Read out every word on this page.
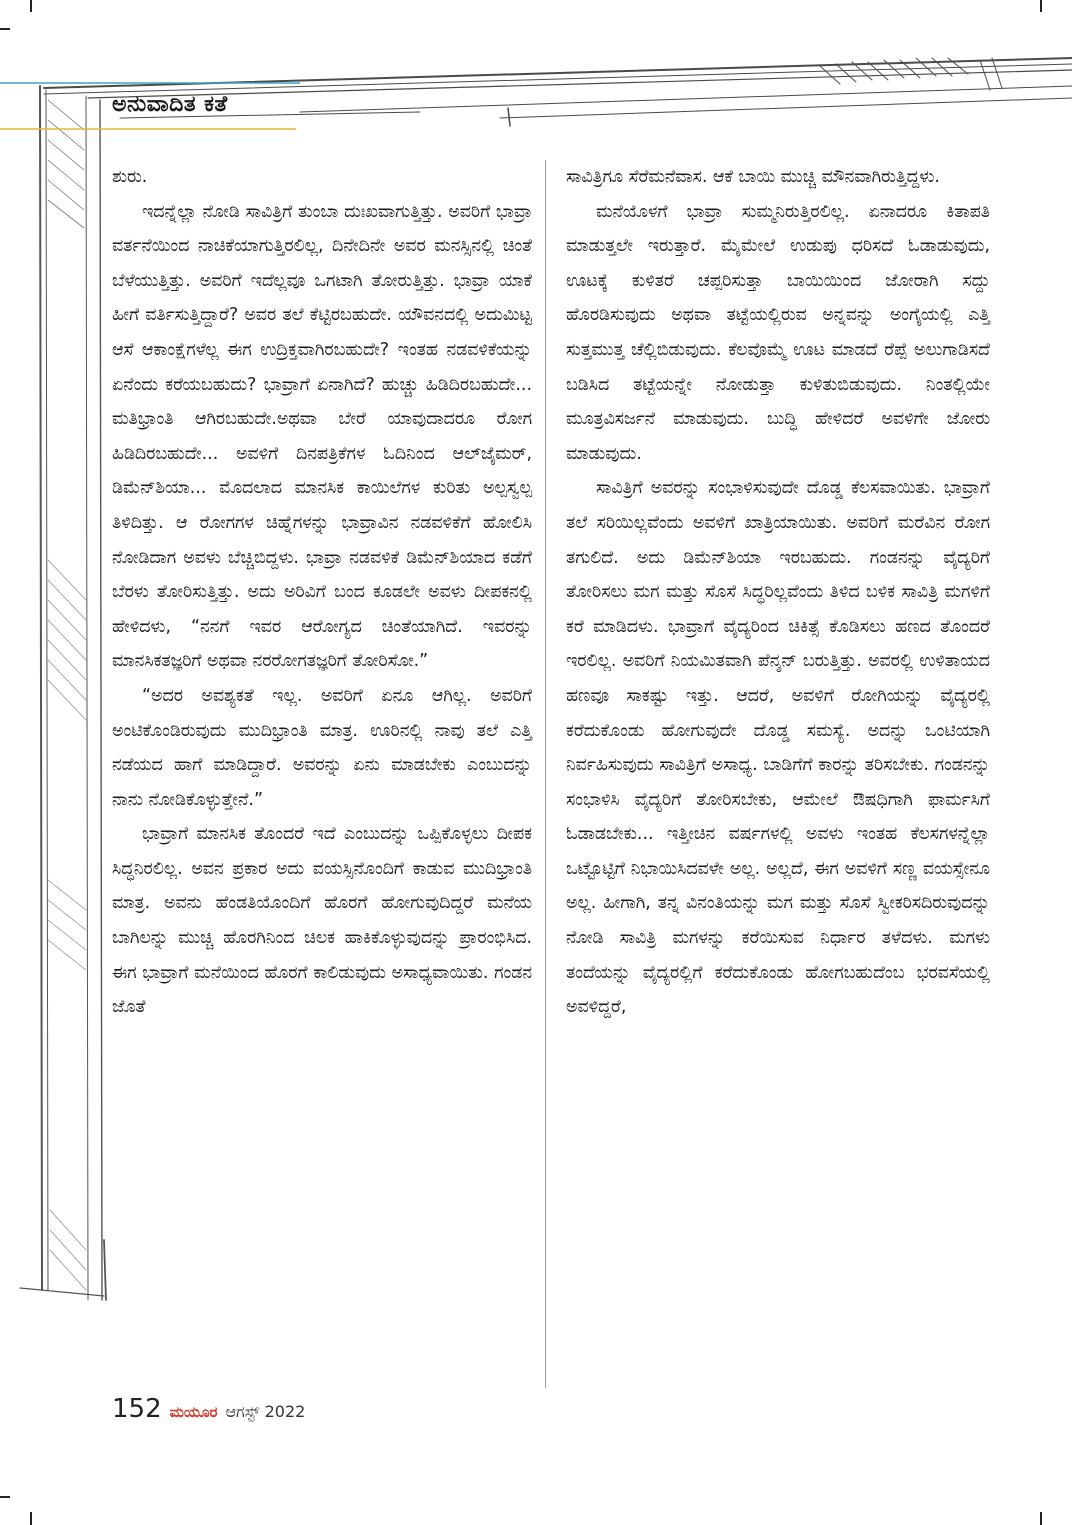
ಅನುವಾದಿತ ಕತೆ

ಶುರು.

ಇದನ್ನೆಲ್ಲಾ ನೋಡಿ ಸಾವಿತ್ರಿಗೆ ತುಂಬಾ ದುಃಖವಾಗುತ್ತಿತ್ತು. ಅವರಿಗೆ ಭಾವ್ರಾ ವರ್ತನೆಯಿಂದ ನಾಚಿಕೆಯಾಗುತ್ತಿರಲಿಲ್ಲ, ದಿನೇದಿನೇ ಅವರ ಮನಸ್ಸಿನಲ್ಲಿ ಚಿಂತೆ ಬೆಳೆಯುತ್ತಿತ್ತು. ಅವರಿಗೆ ಇದೆಲ್ಲವೂ ಒಗಟಾಗಿ ತೋರುತ್ತಿತ್ತು. ಭಾವ್ರಾ ಯಾಕೆ ಹೀಗೆ ವರ್ತಿಸುತ್ತಿದ್ದಾರೆ? ಅವರ ತಲೆ ಕೆಟ್ಟಿರಬಹುದೇ. ಯೌವನದಲ್ಲಿ ಅದುಮಿಟ್ಟ ಆಸೆ ಆಕಾಂಕ್ಷೆಗಳೆಲ್ಲ ಈಗ ಉದ್ರಿಕ್ತವಾಗಿರಬಹುದೇ? ಇಂತಹ ನಡವಳಿಕೆಯನ್ನು ಏನೆಂದು ಕರೆಯಬಹುದು? ಭಾವ್ರಾಗೆ ಏನಾಗಿದೆ? ಹುಚ್ಚು ಹಿಡಿದಿರಬಹುದೇ... ಮತಿಭ್ರಾಂತಿ ಆಗಿರಬಹುದೇ.ಅಥವಾ ಬೇರೆ ಯಾವುದಾದರೂ ರೋಗ ಹಿಡಿದಿರಬಹುದೇ... ಅವಳಿಗೆ ದಿನಪತ್ರಿಕೆಗಳ ಓದಿನಿಂದ ಆಲ್‌ಜೈಮರ್, ಡಿಮೆನ್‌ಶಿಯಾ... ಮೊದಲಾದ ಮಾನಸಿಕ ಕಾಯಿಲೆಗಳ ಕುರಿತು ಅಲ್ಪಸ್ವಲ್ಪ ತಿಳಿದಿತ್ತು. ಆ ರೋಗಗಳ ಚಿಹ್ನೆಗಳನ್ನು ಭಾವ್ರಾವಿನ ನಡವಳಿಕೆಗೆ ಹೋಲಿಸಿ ನೋಡಿದಾಗ ಅವಳು ಬೆಚ್ಚಿಬಿದ್ದಳು. ಭಾವ್ರಾ ನಡವಳಿಕೆ ಡಿಮೆನ್‌ಶಿಯಾದ ಕಡೆಗೆ ಬೆರಳು ತೋರಿಸುತ್ತಿತ್ತು. ಅದು ಅರಿವಿಗೆ ಬಂದ ಕೂಡಲೇ ಅವಳು ದೀಪಕನಲ್ಲಿ ಹೇಳಿದಳು, “ನನಗೆ ಇವರ ಆರೋಗ್ಯದ ಚಿಂತೆಯಾಗಿದೆ. ಇವರನ್ನು ಮಾನಸಿಕತಜ್ಞರಿಗೆ ಅಥವಾ ನರರೋಗತಜ್ಞರಿಗೆ ತೋರಿಸೋ.”

“ಅದರ ಅವಶ್ಯಕತೆ ಇಲ್ಲ. ಅವರಿಗೆ ಏನೂ ಆಗಿಲ್ಲ. ಅವರಿಗೆ ಅಂಟಿಕೊಂಡಿರುವುದು ಮುದಿಭ್ರಾಂತಿ ಮಾತ್ರ. ಊರಿನಲ್ಲಿ ನಾವು ತಲೆ ಎತ್ತಿ ನಡೆಯದ ಹಾಗೆ ಮಾಡಿದ್ದಾರೆ. ಅವರನ್ನು ಏನು ಮಾಡಬೇಕು ಎಂಬುದನ್ನು ನಾನು ನೋಡಿಕೊಳ್ಳುತ್ತೇನೆ.”

ಭಾವ್ರಾಗೆ ಮಾನಸಿಕ ತೊಂದರೆ ಇದೆ ಎಂಬುದನ್ನು ಒಪ್ಪಿಕೊಳ್ಳಲು ದೀಪಕ ಸಿದ್ಧನಿರಲಿಲ್ಲ. ಅವನ ಪ್ರಕಾರ ಅದು ವಯಸ್ಸಿನೊಂದಿಗೆ ಕಾಡುವ ಮುದಿಭ್ರಾಂತಿ ಮಾತ್ರ. ಅವನು ಹೆಂಡತಿಯೊಂದಿಗೆ ಹೊರಗೆ ಹೋಗುವುದಿದ್ದರೆ ಮನೆಯ ಬಾಗಿಲನ್ನು ಮುಚ್ಚಿ ಹೊರಗಿನಿಂದ ಚಿಲಕ ಹಾಕಿಕೊಳ್ಳುವುದನ್ನು ಪ್ರಾರಂಭಿಸಿದ. ಈಗ ಭಾವ್ರಾಗೆ ಮನೆಯಿಂದ ಹೊರಗೆ ಕಾಲಿಡುವುದು ಅಸಾಧ್ಯವಾಯಿತು. ಗಂಡನ ಜೊತೆ

ಸಾವಿತ್ರಿಗೂ ಸೆರೆಮನೆವಾಸ. ಆಕೆ ಬಾಯಿ ಮುಚ್ಚಿ ಮೌನವಾಗಿರುತ್ತಿದ್ದಳು.

ಮನೆಯೊಳಗೆ ಭಾವ್ರಾ ಸುಮ್ಮನಿರುತ್ತಿರಲಿಲ್ಲ. ಏನಾದರೂ ಕಿತಾಪತಿ ಮಾಡುತ್ತಲೇ ಇರುತ್ತಾರೆ. ಮೈಮೇಲೆ ಉಡುಪು ಧರಿಸದೆ ಓಡಾಡುವುದು, ಊಟಕ್ಕೆ ಕುಳಿತರೆ ಚಪ್ಪರಿಸುತ್ತಾ ಬಾಯಿಯಿಂದ ಜೋರಾಗಿ ಸದ್ದು ಹೊರಡಿಸುವುದು ಅಥವಾ ತಟ್ಟೆಯಲ್ಲಿರುವ ಅನ್ನವನ್ನು ಅಂಗೈಯಲ್ಲಿ ಎತ್ತಿ ಸುತ್ತಮುತ್ತ ಚೆಲ್ಲಿಬಿಡುವುದು. ಕೆಲವೊಮ್ಮೆ ಊಟ ಮಾಡದೆ ರೆಪ್ಪೆ ಅಲುಗಾಡಿಸದೆ ಬಡಿಸಿದ ತಟ್ಟೆಯನ್ನೇ ನೋಡುತ್ತಾ ಕುಳಿತುಬಿಡುವುದು. ನಿಂತಲ್ಲಿಯೇ ಮೂತ್ರವಿಸರ್ಜನೆ ಮಾಡುವುದು. ಬುದ್ಧಿ ಹೇಳಿದರೆ ಅವಳಿಗೇ ಜೋರು ಮಾಡುವುದು.

ಸಾವಿತ್ರಿಗೆ ಅವರನ್ನು ಸಂಭಾಳಿಸುವುದೇ ದೊಡ್ಡ ಕೆಲಸವಾಯಿತು. ಭಾವ್ರಾಗೆ ತಲೆ ಸರಿಯಿಲ್ಲವೆಂದು ಅವಳಿಗೆ ಖಾತ್ರಿಯಾಯಿತು. ಅವರಿಗೆ ಮರೆವಿನ ರೋಗ ತಗುಲಿದೆ. ಅದು ಡಿಮೆನ್‌ಶಿಯಾ ಇರಬಹುದು. ಗಂಡನನ್ನು ವೈದ್ಯರಿಗೆ ತೋರಿಸಲು ಮಗ ಮತ್ತು ಸೊಸೆ ಸಿದ್ಧರಿಲ್ಲವೆಂದು ತಿಳಿದ ಬಳಿಕ ಸಾವಿತ್ರಿ ಮಗಳಿಗೆ ಕರೆ ಮಾಡಿದಳು. ಭಾವ್ರಾಗೆ ವೈದ್ಯರಿಂದ ಚಿಕಿತ್ಸೆ ಕೊಡಿಸಲು ಹಣದ ತೊಂದರೆ ಇರಲಿಲ್ಲ. ಅವರಿಗೆ ನಿಯಮಿತವಾಗಿ ಪೆನ್ಶನ್ ಬರುತ್ತಿತ್ತು. ಅವರಲ್ಲಿ ಉಳಿತಾಯದ ಹಣವೂ ಸಾಕಷ್ಟು ಇತ್ತು. ಆದರೆ, ಅವಳಿಗೆ ರೋಗಿಯನ್ನು ವೈದ್ಯರಲ್ಲಿ ಕರೆದುಕೊಂಡು ಹೋಗುವುದೇ ದೊಡ್ಡ ಸಮಸ್ಯೆ. ಅದನ್ನು ಒಂಟಿಯಾಗಿ ನಿರ್ವಹಿಸುವುದು ಸಾವಿತ್ರಿಗೆ ಅಸಾಧ್ಯ. ಬಾಡಿಗೆಗೆ ಕಾರನ್ನು ತರಿಸಬೇಕು. ಗಂಡನನ್ನು ಸಂಭಾಳಿಸಿ ವೈದ್ಯರಿಗೆ ತೋರಿಸಬೇಕು, ಆಮೇಲೆ ಔಷಧಿಗಾಗಿ ಫಾರ್ಮಸಿಗೆ ಓಡಾಡಬೇಕು... ಇತ್ತೀಚಿನ ವರ್ಷಗಳಲ್ಲಿ ಅವಳು ಇಂತಹ ಕೆಲಸಗಳನ್ನೆಲ್ಲಾ ಒಟ್ಟೊಟ್ಟಿಗೆ ನಿಭಾಯಿಸಿದವಳೇ ಅಲ್ಲ. ಅಲ್ಲದೆ, ಈಗ ಅವಳಿಗೆ ಸಣ್ಣ ವಯಸ್ಸೇನೂ ಅಲ್ಲ. ಹೀಗಾಗಿ, ತನ್ನ ವಿನಂತಿಯನ್ನು ಮಗ ಮತ್ತು ಸೊಸೆ ಸ್ವೀಕರಿಸದಿರುವುದನ್ನು ನೋಡಿ ಸಾವಿತ್ರಿ ಮಗಳನ್ನು ಕರೆಯಿಸುವ ನಿರ್ಧಾರ ತಳೆದಳು. ಮಗಳು ತಂದೆಯನ್ನು ವೈದ್ಯರಲ್ಲಿಗೆ ಕರೆದುಕೊಂಡು ಹೋಗಬಹುದೆಂಬ ಭರವಸೆಯಲ್ಲಿ ಅವಳಿದ್ದರೆ,

152 ಮಯೂರ ಆಗಸ್ಟ್ 2022
